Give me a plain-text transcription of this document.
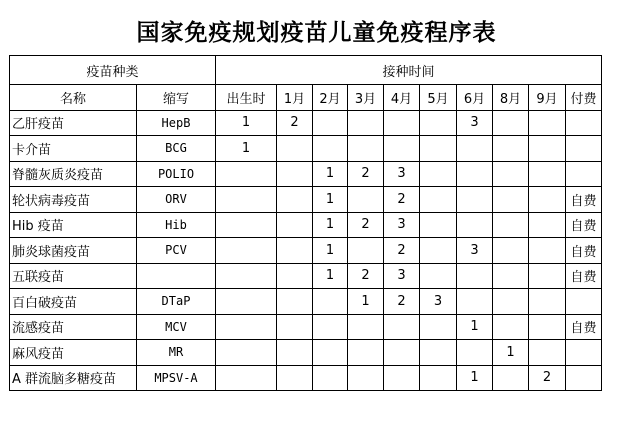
国家免疫规划疫苗儿童免疫程序表
疫苗种类		接种时间									
名称	缩写	出生时	1月	2月	3月	4月	5月	6月	8月	9月	付费
乙肝疫苗	HepB	1	2					3			
卡介苗	BCG	1									
脊髓灰质炎疫苗	POLIO			1	2	3					
轮状病毒疫苗	ORV			1		2					自费
Hib 疫苗	Hib			1	2	3					自费
肺炎球菌疫苗	PCV			1		2		3			自费
五联疫苗				1	2	3					自费
百白破疫苗	DTaP				1	2	3				
流感疫苗	MCV							1			自费
麻风疫苗	MR								1		
A 群流脑多糖疫苗	MPSV-A							1		2	
